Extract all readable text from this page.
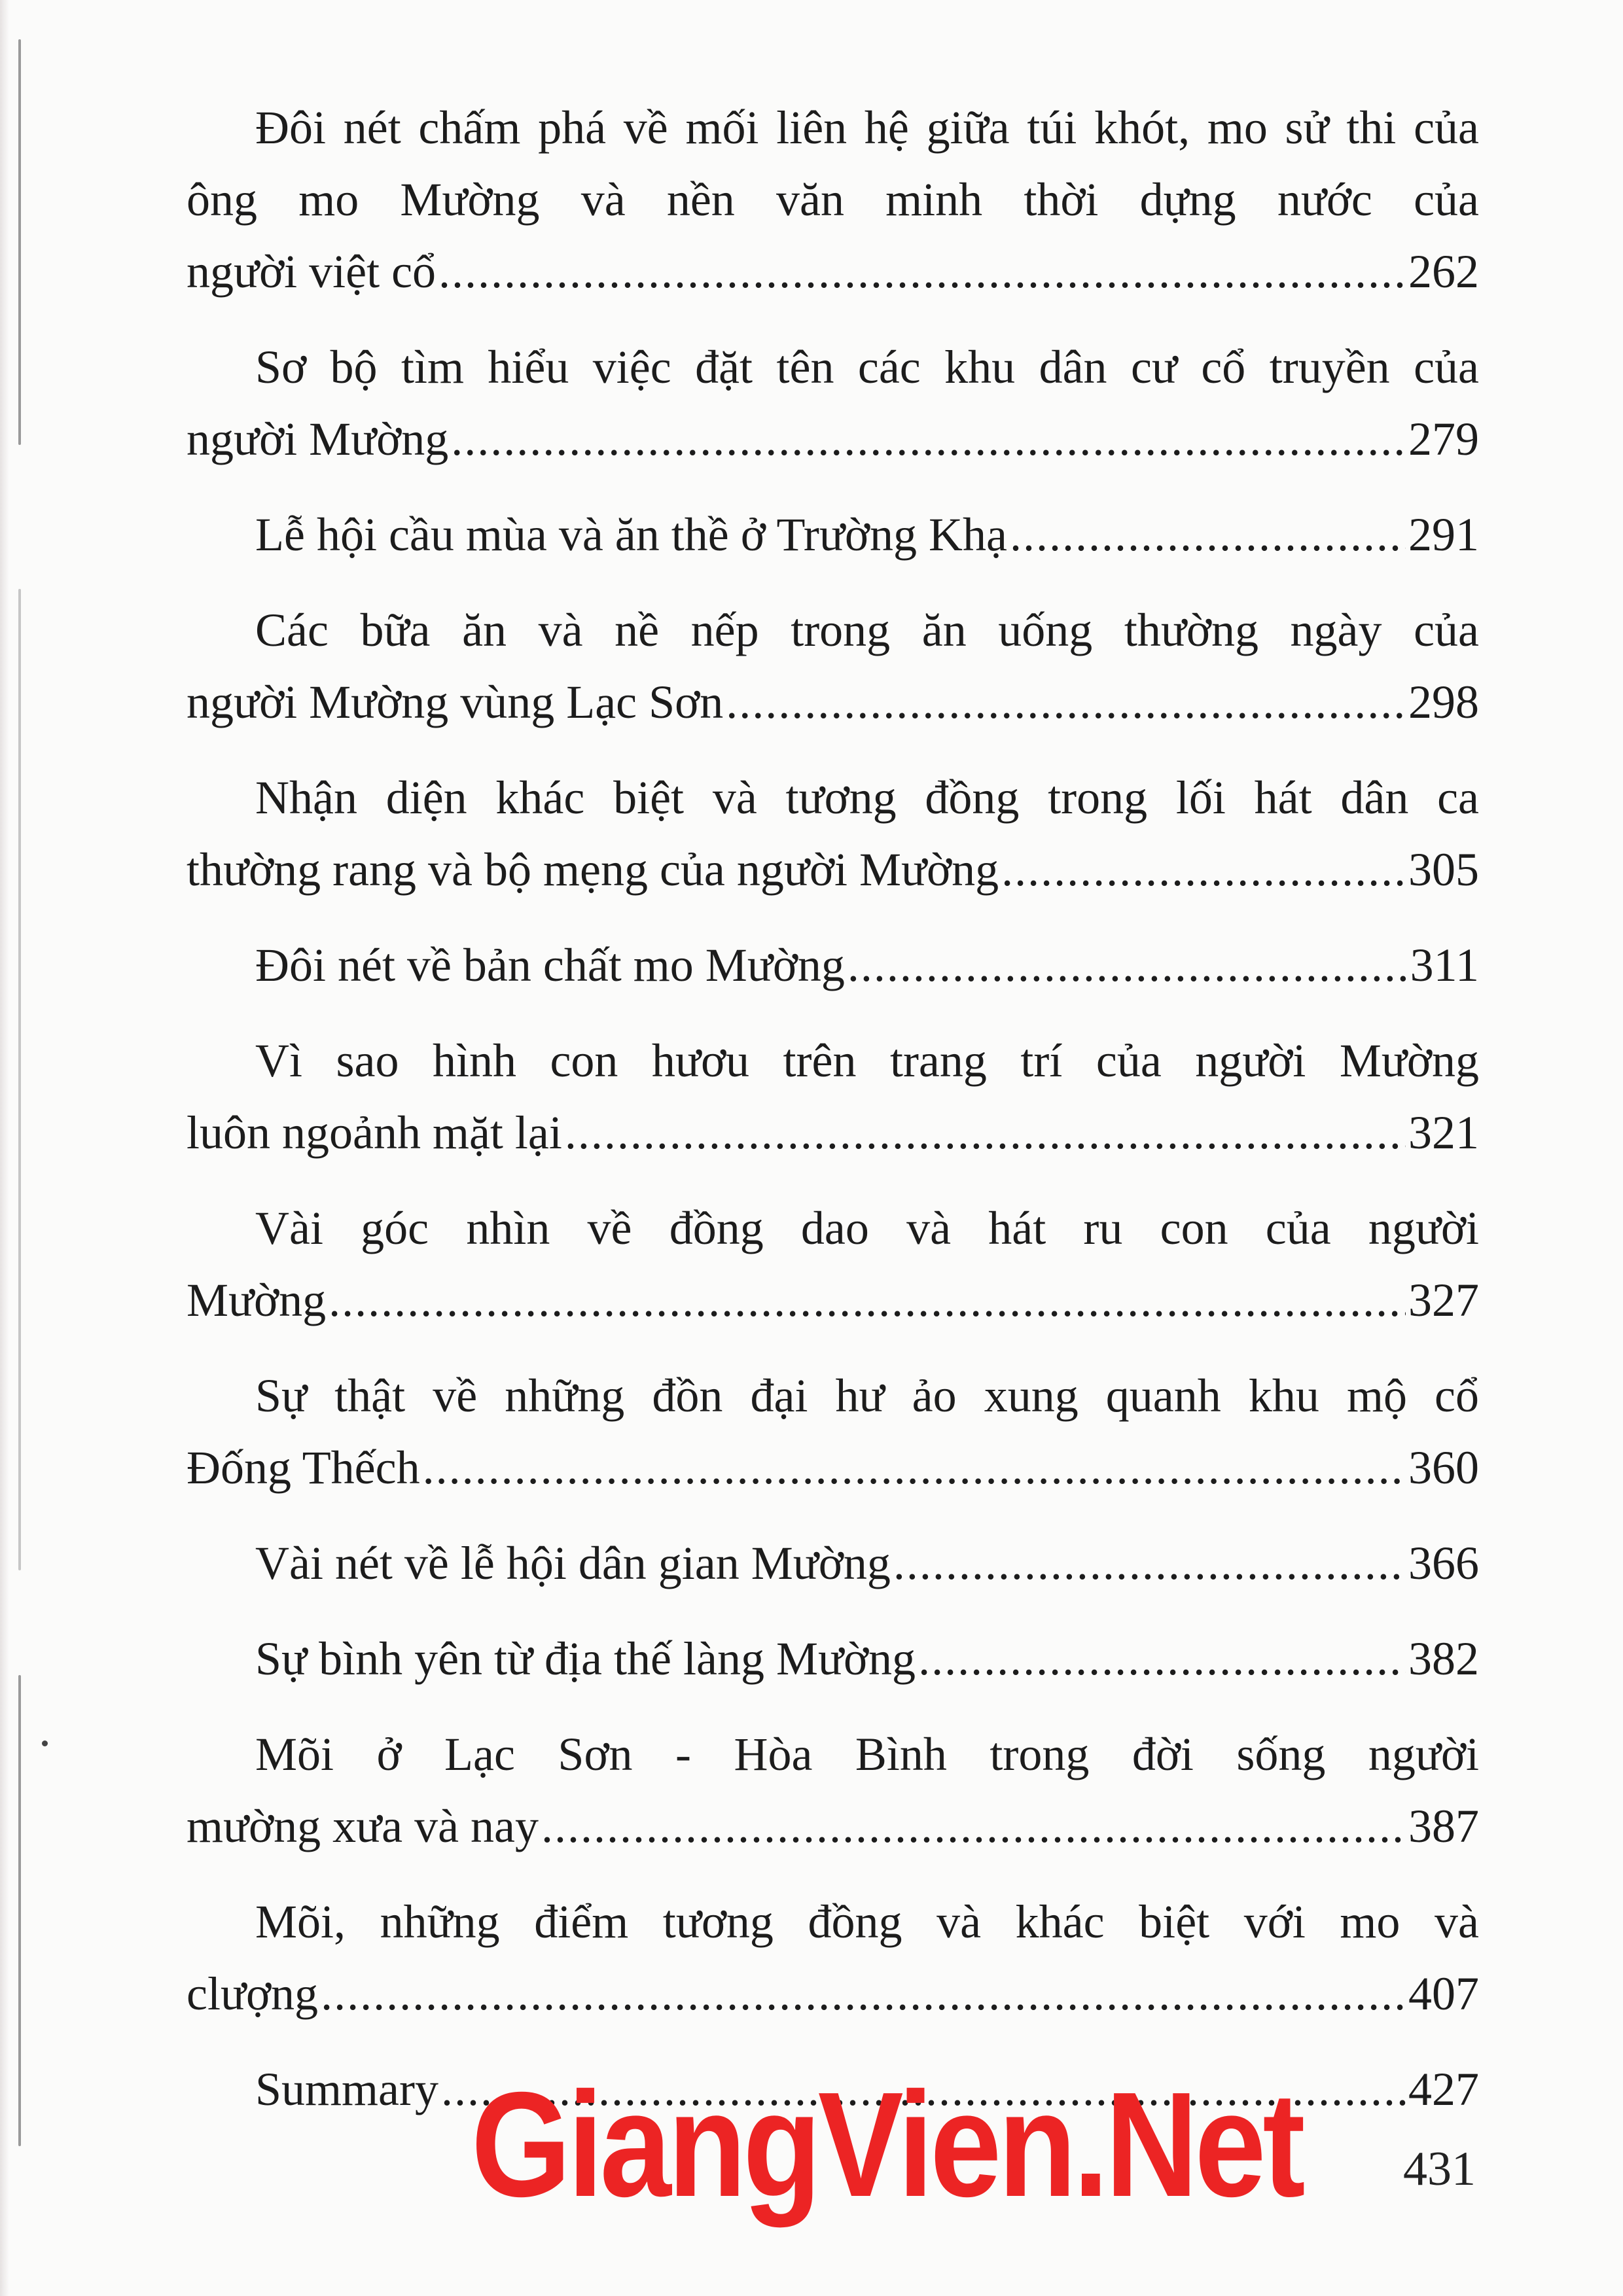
Đôi nét chấm phá về mối liên hệ giữa túi khót, mo sử thi của ông mo Mường và nền văn minh thời dựng nước của
người việt cổ .....	262
Sơ bộ tìm hiểu việc đặt tên các khu dân cư cổ truyền của
người Mường .....	279
Lễ hội cầu mùa và ăn thề ở Trường Khạ .....	291
Các bữa ăn và nề nếp trong ăn uống thường ngày của
người Mường vùng Lạc Sơn .....	298
Nhận diện khác biệt và tương đồng trong lối hát dân ca
thường rang và bộ mẹng của người Mường .....	305
Đôi nét về bản chất mo Mường .....	311
Vì sao hình con hươu trên trang trí của người Mường
luôn ngoảnh mặt lại .....	321
Vài góc nhìn về đồng dao và hát ru con của người
Mường .....	327
Sự thật về những đồn đại hư ảo xung quanh khu mộ cổ
Đống Thếch .....	360
Vài nét về lễ hội dân gian Mường .....	366
Sự bình yên từ địa thế làng Mường .....	382
Mõi ở Lạc Sơn - Hòa Bình trong đời sống người
mường xưa và nay .....	387
Mõi, những điểm tương đồng và khác biệt với mo và
clượng .....	407
Summary .....	427
GiangVien.Net 431
